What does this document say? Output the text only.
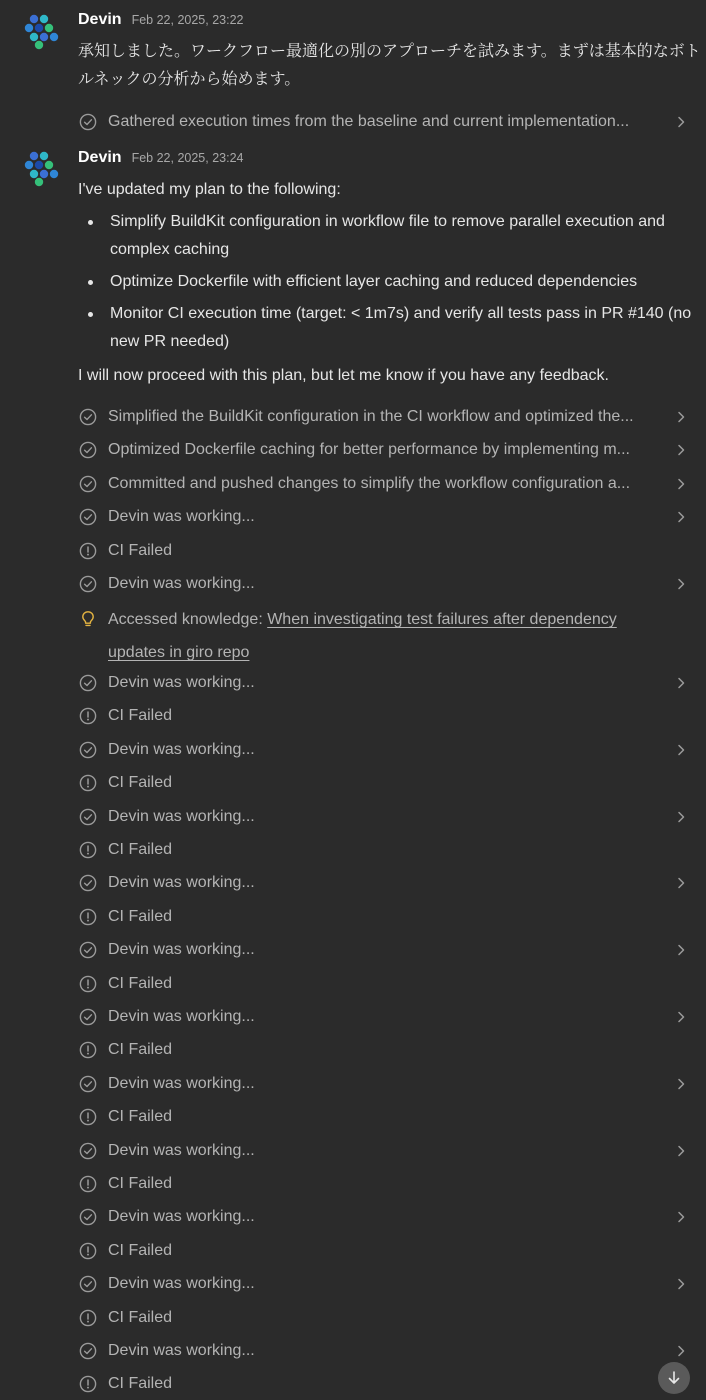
Devin Feb 22, 2025, 23:22

承知しました。ワークフロー最適化の別のアプローチを試みます。まずは基本的なボトルネックの分析から始めます。

Devin Feb 22, 2025, 23:24

I've updated my plan to the following:

Simplify BuildKit configuration in workflow file to remove parallel execution and complex caching
Optimize Dockerfile with efficient layer caching and reduced dependencies
Monitor CI execution time (target: < 1m7s) and verify all tests pass in PR #140 (no new PR needed)

I will now proceed with this plan, but let me know if you have any feedback.

Gathered execution times from the baseline and current implementation...
Simplified the BuildKit configuration in the CI workflow and optimized the...
Optimized Dockerfile caching for better performance by implementing m...
Committed and pushed changes to simplify the workflow configuration a...
Devin was working...
CI Failed
Devin was working...
Accessed knowledge: When investigating test failures after dependency updates in giro repo
Devin was working...
CI Failed
Devin was working...
CI Failed
Devin was working...
CI Failed
Devin was working...
CI Failed
Devin was working...
CI Failed
Devin was working...
CI Failed
Devin was working...
CI Failed
Devin was working...
CI Failed
Devin was working...
CI Failed
Devin was working...
CI Failed
Devin was working...
CI Failed
